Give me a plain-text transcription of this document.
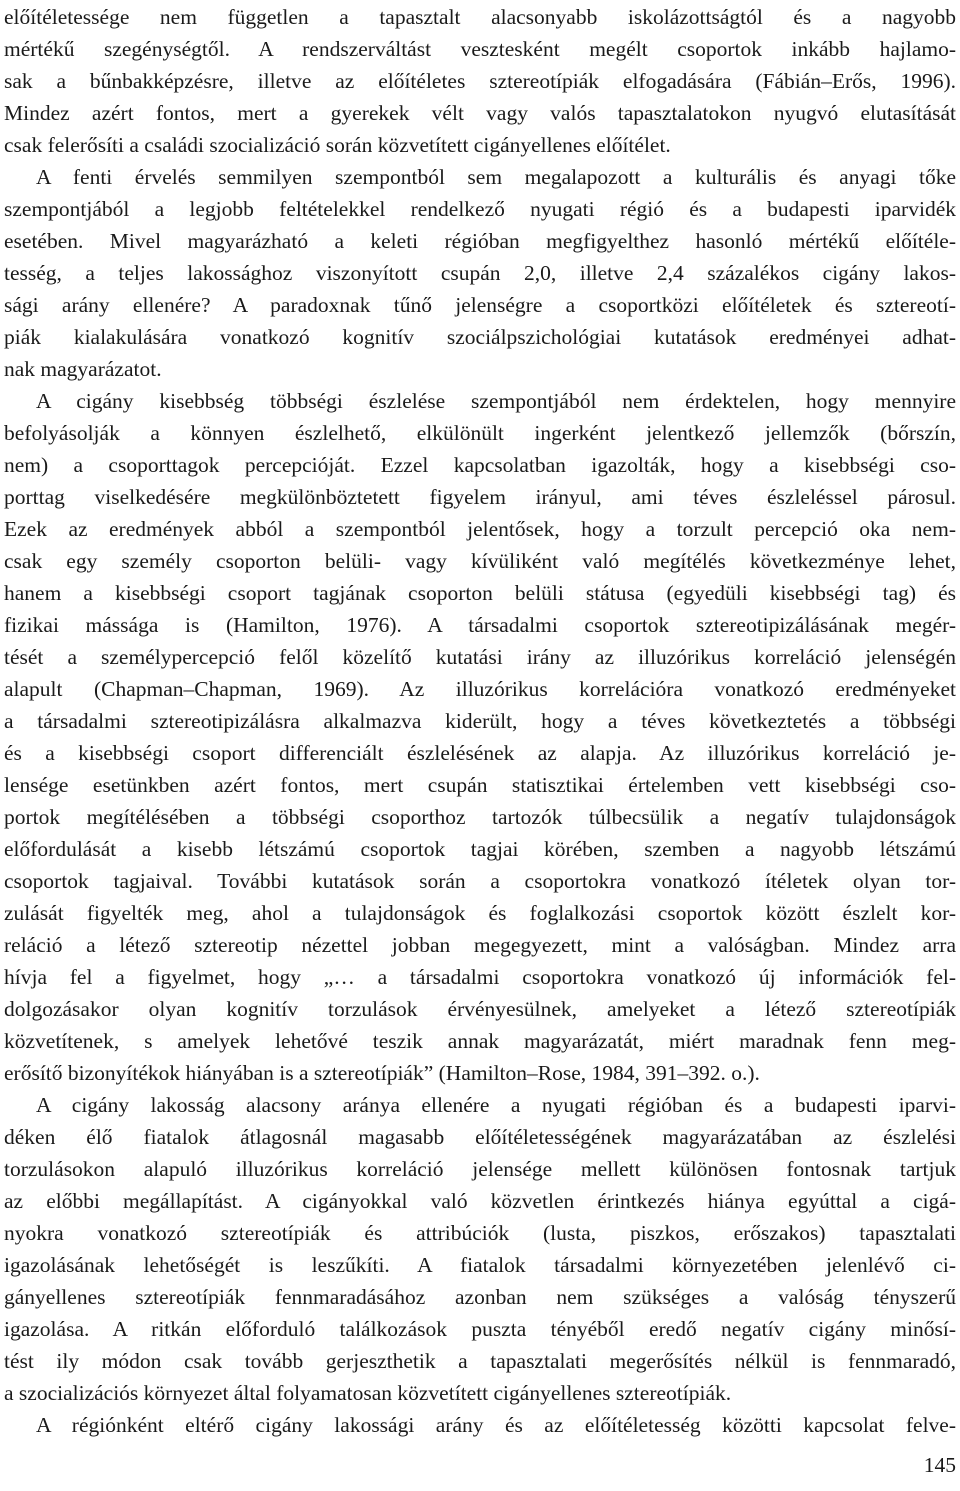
előítéletessége nem független a tapasztalt alacsonyabb iskolázottságtól és a nagyobb
mértékű szegénységtől. A rendszerváltást vesztesként megélt csoportok inkább hajlamo-
sak a bűnbakképzésre, illetve az előítéletes sztereotípiák elfogadására (Fábián–Erős, 1996).
Mindez azért fontos, mert a gyerekek vélt vagy valós tapasztalatokon nyugvó elutasítását
csak felerősíti a családi szocializáció során közvetített cigányellenes előítélet.
A fenti érvelés semmilyen szempontból sem megalapozott a kulturális és anyagi tőke
szempontjából a legjobb feltételekkel rendelkező nyugati régió és a budapesti iparvidék
esetében. Mivel magyarázható a keleti régióban megfigyelthez hasonló mértékű előítéle-
tesség, a teljes lakossághoz viszonyított csupán 2,0, illetve 2,4 százalékos cigány lakos-
sági arány ellenére? A paradoxnak tűnő jelenségre a csoportközi előítéletek és sztereotí-
piák kialakulására vonatkozó kognitív szociálpszichológiai kutatások eredményei adhat-
nak magyarázatot.
A cigány kisebbség többségi észlelése szempontjából nem érdektelen, hogy mennyire
befolyásolják a könnyen észlelhető, elkülönült ingerként jelentkező jellemzők (bőrszín,
nem) a csoporttagok percepcióját. Ezzel kapcsolatban igazolták, hogy a kisebbségi cso-
porttag viselkedésére megkülönböztetett figyelem irányul, ami téves észleléssel párosul.
Ezek az eredmények abból a szempontból jelentősek, hogy a torzult percepció oka nem-
csak egy személy csoporton belüli- vagy kívüliként való megítélés következménye lehet,
hanem a kisebbségi csoport tagjának csoporton belüli státusa (egyedüli kisebbségi tag) és
fizikai mássága is (Hamilton, 1976). A társadalmi csoportok sztereotipizálásának megér-
tését a személypercepció felől közelítő kutatási irány az illuzórikus korreláció jelenségén
alapult (Chapman–Chapman, 1969). Az illuzórikus korrelációra vonatkozó eredményeket
a társadalmi sztereotipizálásra alkalmazva kiderült, hogy a téves következtetés a többségi
és a kisebbségi csoport differenciált észlelésének az alapja. Az illuzórikus korreláció je-
lensége esetünkben azért fontos, mert csupán statisztikai értelemben vett kisebbségi cso-
portok megítélésében a többségi csoporthoz tartozók túlbecsülik a negatív tulajdonságok
előfordulását a kisebb létszámú csoportok tagjai körében, szemben a nagyobb létszámú
csoportok tagjaival. További kutatások során a csoportokra vonatkozó ítéletek olyan tor-
zulását figyelték meg, ahol a tulajdonságok és foglalkozási csoportok között észlelt kor-
reláció a létező sztereotip nézettel jobban megegyezett, mint a valóságban. Mindez arra
hívja fel a figyelmet, hogy „… a társadalmi csoportokra vonatkozó új információk fel-
dolgozásakor olyan kognitív torzulások érvényesülnek, amelyeket a létező sztereotípiák
közvetítenek, s amelyek lehetővé teszik annak magyarázatát, miért maradnak fenn meg-
erősítő bizonyítékok hiányában is a sztereotípiák” (Hamilton–Rose, 1984, 391–392. o.).
A cigány lakosság alacsony aránya ellenére a nyugati régióban és a budapesti iparvi-
déken élő fiatalok átlagosnál magasabb előítéletességének magyarázatában az észlelési
torzulásokon alapuló illuzórikus korreláció jelensége mellett különösen fontosnak tartjuk
az előbbi megállapítást. A cigányokkal való közvetlen érintkezés hiánya egyúttal a cigá-
nyokra vonatkozó sztereotípiák és attribúciók (lusta, piszkos, erőszakos) tapasztalati
igazolásának lehetőségét is leszűkíti. A fiatalok társadalmi környezetében jelenlévő ci-
gányellenes sztereotípiák fennmaradásához azonban nem szükséges a valóság tényszerű
igazolása. A ritkán előforduló találkozások puszta tényéből eredő negatív cigány minősí-
tést ily módon csak tovább gerjeszthetik a tapasztalati megerősítés nélkül is fennmaradó,
a szocializációs környezet által folyamatosan közvetített cigányellenes sztereotípiák.
A régiónként eltérő cigány lakossági arány és az előítéletesség közötti kapcsolat felve-
145
